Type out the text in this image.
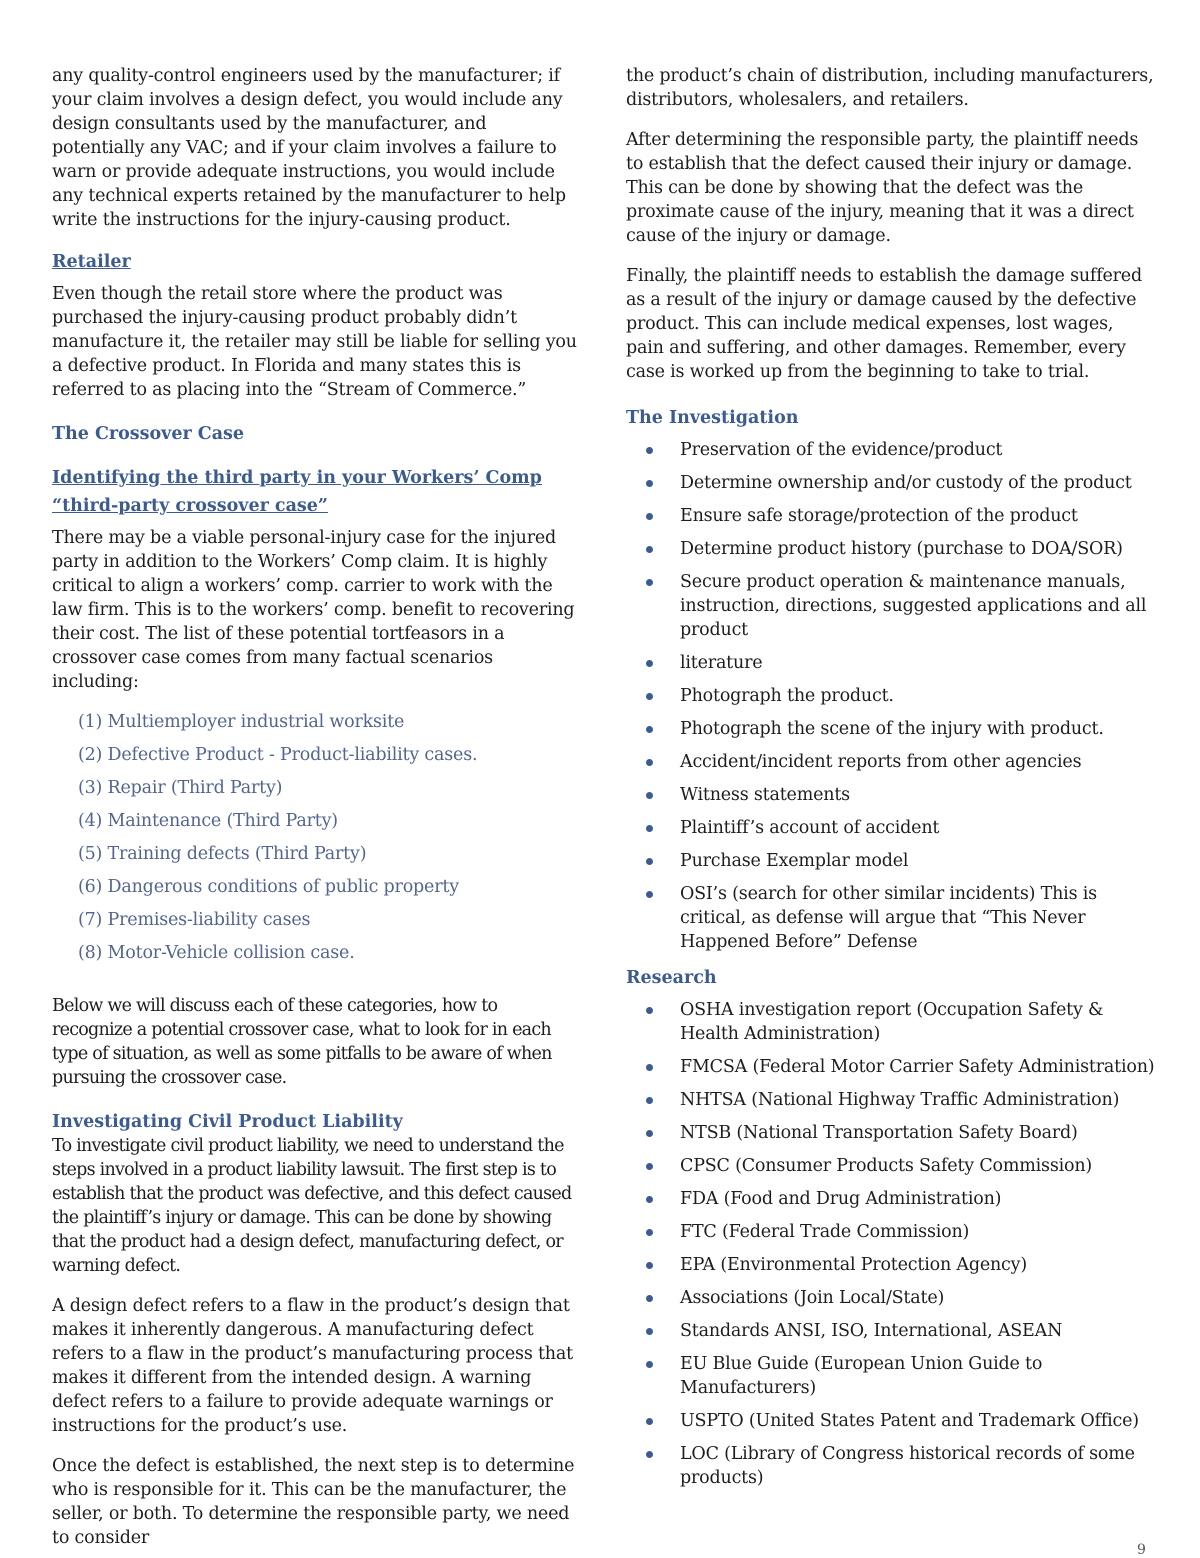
any quality-control engineers used by the manufacturer; if your claim involves a design defect, you would include any design consultants used by the manufacturer, and potentially any VAC; and if your claim involves a failure to warn or provide adequate instructions, you would include any technical experts retained by the manufacturer to help write the instructions for the injury-causing product.

Retailer

Even though the retail store where the product was purchased the injury-causing product probably didn’t manufacture it, the retailer may still be liable for selling you a defective product. In Florida and many states this is referred to as placing into the “Stream of Commerce.”

The Crossover Case
Identifying the third party in your Workers’ Comp “third-party crossover case”

There may be a viable personal-injury case for the injured party in addition to the Workers’ Comp claim. It is highly critical to align a workers’ comp. carrier to work with the law firm. This is to the workers’ comp. benefit to recovering their cost. The list of these potential tortfeasors in a crossover case comes from many factual scenarios including:

(1) Multiemployer industrial worksite
(2) Defective Product - Product-liability cases.
(3) Repair (Third Party)
(4) Maintenance (Third Party)
(5) Training defects (Third Party)
(6) Dangerous conditions of public property
(7) Premises-liability cases
(8) Motor-Vehicle collision case.

Below we will discuss each of these categories, how to recognize a potential crossover case, what to look for in each type of situation, as well as some pitfalls to be aware of when pursuing the crossover case.

Investigating Civil Product Liability

To investigate civil product liability, we need to understand the steps involved in a product liability lawsuit. The first step is to establish that the product was defective, and this defect caused the plaintiff’s injury or damage. This can be done by showing that the product had a design defect, manufacturing defect, or warning defect.

A design defect refers to a flaw in the product’s design that makes it inherently dangerous. A manufacturing defect refers to a flaw in the product’s manufacturing process that makes it different from the intended design. A warning defect refers to a failure to provide adequate warnings or instructions for the product’s use.

Once the defect is established, the next step is to determine who is responsible for it. This can be the manufacturer, the seller, or both. To determine the responsible party, we need to consider

the product’s chain of distribution, including manufacturers, distributors, wholesalers, and retailers.

After determining the responsible party, the plaintiff needs to establish that the defect caused their injury or damage. This can be done by showing that the defect was the proximate cause of the injury, meaning that it was a direct cause of the injury or damage.

Finally, the plaintiff needs to establish the damage suffered as a result of the injury or damage caused by the defective product. This can include medical expenses, lost wages, pain and suffering, and other damages. Remember, every case is worked up from the beginning to take to trial.

The Investigation
Preservation of the evidence/product
Determine ownership and/or custody of the product
Ensure safe storage/protection of the product
Determine product history (purchase to DOA/SOR)
Secure product operation & maintenance manuals, instruction, directions, suggested applications and all product
literature
Photograph the product.
Photograph the scene of the injury with product.
Accident/incident reports from other agencies
Witness statements
Plaintiff’s account of accident
Purchase Exemplar model
OSI’s (search for other similar incidents) This is critical, as defense will argue that “This Never Happened Before” Defense
Research
OSHA investigation report (Occupation Safety & Health Administration)
FMCSA (Federal Motor Carrier Safety Administration)
NHTSA (National Highway Traffic Administration)
NTSB (National Transportation Safety Board)
CPSC (Consumer Products Safety Commission)
FDA (Food and Drug Administration)
FTC (Federal Trade Commission)
EPA (Environmental Protection Agency)
Associations (Join Local/State)
Standards ANSI, ISO, International, ASEAN
EU Blue Guide (European Union Guide to Manufacturers)
USPTO (United States Patent and Trademark Office)
LOC (Library of Congress historical records of some products)
9
